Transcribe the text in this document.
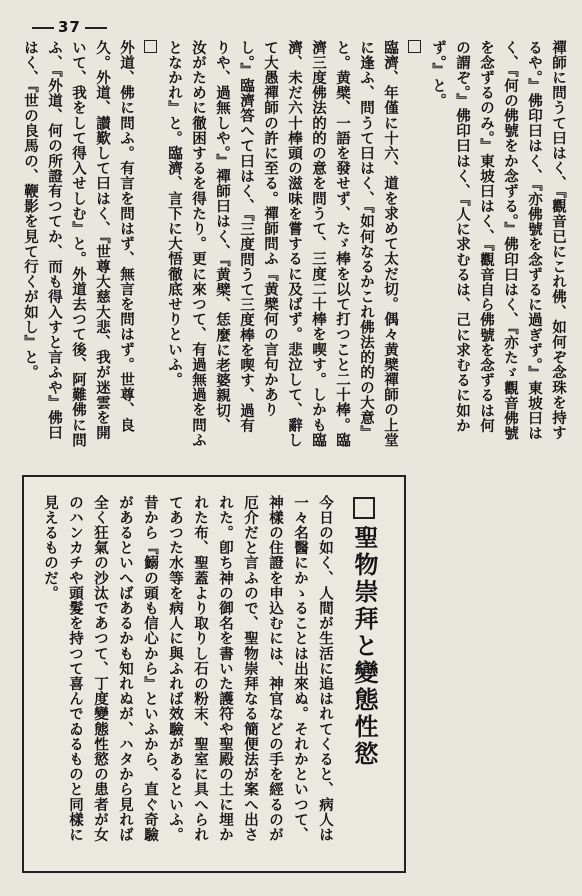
37
禪師に問うて曰はく、『觀音已にこれ佛、如何ぞ念珠を持するや。』佛印曰はく、『亦佛號を念ずるに過ぎず。』東坡曰はく、『何の佛號をか念ずる。』佛印曰はく、『亦たゞ觀音佛號を念ずるのみ。』東坡曰はく、『觀音自ら佛號を念ずるは何の謂ぞ。』佛印曰はく、『人に求むるは、己に求むるに如かず。』と。
臨濟、年僅に十六、道を求めて太だ切。偶々黄檗禪師の上堂に逢ふ、問うて曰はく、『如何なるかこれ佛法的的の大意』と。黄檗、一語を發せず、たゞ棒を以て打つこと二十棒。臨濟三度佛法的的の意を問うて、三度二十棒を喫す。しかも臨濟、未だ六十棒頭の滋味を嘗するに及ばず。悲泣して、辭して大愚禪師の許に至る。禪師問ふ『黄檗何の言句かありし。』臨濟答へて曰はく、『三度問うて三度棒を喫す、過有りや、過無しや。』禪師曰はく、『黄檗、恁麼に老婆親切、汝がために徹困するを得たり。更に來つて、有過無過を問ふとなかれ』と。臨濟、言下に大悟徹底せりといふ。
外道、佛に問ふ。有言を問はず、無言を問はず。世尊、良久。外道、讃歎して曰はく、『世尊大慈大悲、我が迷雲を開いて、我をして得入せしむ』と。外道去つて後、阿難佛に問ふ、『外道、何の所證有つてか、而も得入すと言ふや』佛曰はく、『世の良馬の、鞭影を見て行くが如し』と。
聖物崇拜と變態性慾
今日の如く、人間が生活に追はれてくると、病人は一々名醫にかゝることは出來ぬ。それかといつて、神樣の住證を申込むには、神官などの手を經るのが厄介だと言ふので、聖物崇拜なる簡便法が案へ出された。卽ち神の御名を書いた護符や聖殿の土に埋かれた布、聖蓋より取りし石の粉末、聖室に具へられてあつた水等を病人に與ふれば效驗があるといふ。昔から『鰯の頭も信心から』といふから、直ぐ奇驗があるといへばあるかも知れぬが、ハタから見れば全く狂氣の沙汰であつて、丁度變態性慾の患者が女のハンカチや頭髮を持つて喜んでゐるものと同樣に見えるものだ。
